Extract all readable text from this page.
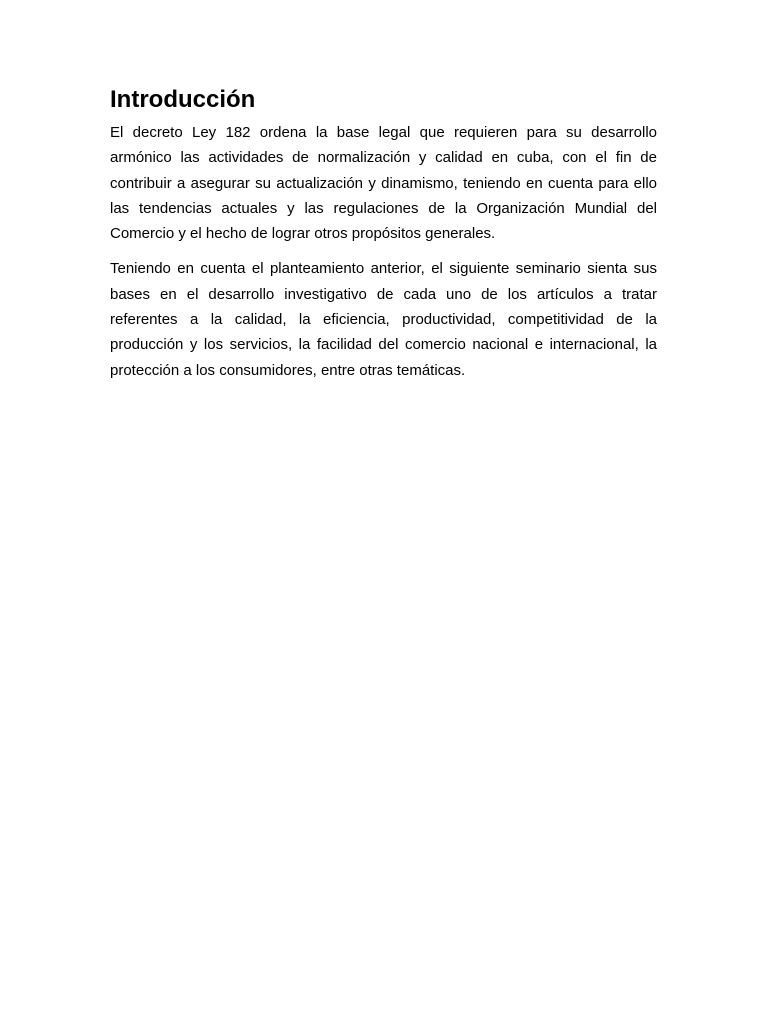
Introducción

El decreto Ley 182 ordena la base legal que requieren para su desarrollo armónico las actividades de normalización y calidad en cuba, con el fin de contribuir a asegurar su actualización y dinamismo, teniendo en cuenta para ello las tendencias actuales y las regulaciones de la Organización Mundial del Comercio y el hecho de lograr otros propósitos generales.

Teniendo en cuenta el planteamiento anterior, el siguiente seminario sienta sus bases en el desarrollo investigativo de cada uno de los artículos a tratar referentes a la calidad, la eficiencia, productividad, competitividad de la producción y los servicios, la facilidad del comercio nacional e internacional, la protección a los consumidores, entre otras temáticas.
